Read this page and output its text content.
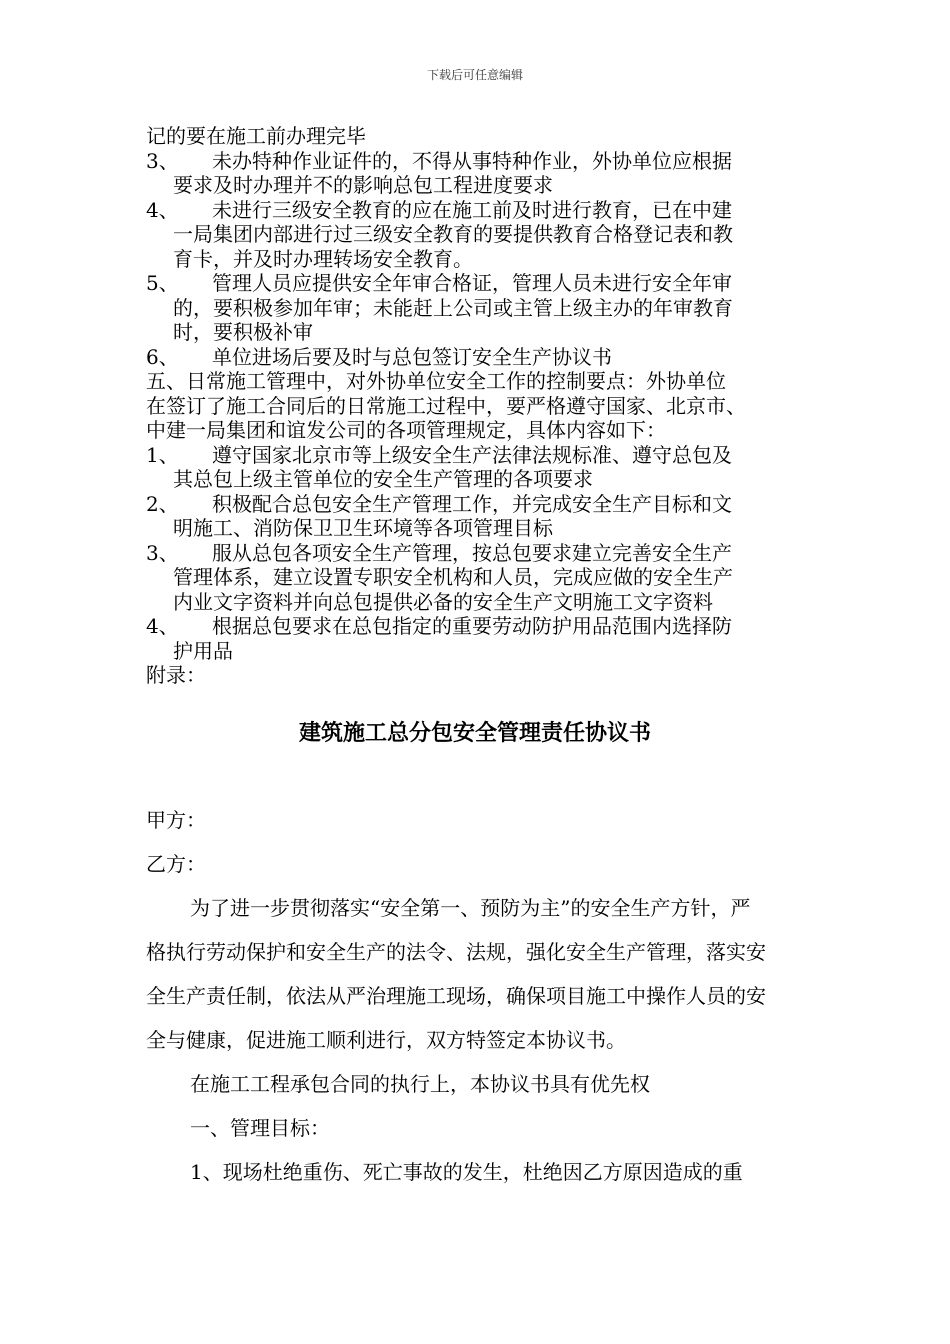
下载后可任意编辑
记的要在施工前办理完毕
3、	未办特种作业证件的，不得从事特种作业，外协单位应根据
要求及时办理并不的影响总包工程进度要求
4、	未进行三级安全教育的应在施工前及时进行教育，已在中建
一局集团内部进行过三级安全教育的要提供教育合格登记表和教
育卡，并及时办理转场安全教育。
5、	管理人员应提供安全年审合格证，管理人员未进行安全年审
的，要积极参加年审；未能赶上公司或主管上级主办的年审教育
时，要积极补审
6、	单位进场后要及时与总包签订安全生产协议书
五、日常施工管理中，对外协单位安全工作的控制要点：外协单位
在签订了施工合同后的日常施工过程中，要严格遵守国家、北京市、
中建一局集团和谊发公司的各项管理规定，具体内容如下：
1、	遵守国家北京市等上级安全生产法律法规标准、遵守总包及
其总包上级主管单位的安全生产管理的各项要求
2、	积极配合总包安全生产管理工作，并完成安全生产目标和文
明施工、消防保卫卫生环境等各项管理目标
3、	服从总包各项安全生产管理，按总包要求建立完善安全生产
管理体系，建立设置专职安全机构和人员，完成应做的安全生产
内业文字资料并向总包提供必备的安全生产文明施工文字资料
4、	根据总包要求在总包指定的重要劳动防护用品范围内选择防
护用品
附录：
建筑施工总分包安全管理责任协议书
甲方：
乙方：
为了进一步贯彻落实“安全第一、预防为主”的安全生产方针，严
格执行劳动保护和安全生产的法令、法规，强化安全生产管理，落实安
全生产责任制，依法从严治理施工现场，确保项目施工中操作人员的安
全与健康，促进施工顺利进行，双方特签定本协议书。
在施工工程承包合同的执行上，本协议书具有优先权
一、管理目标：
1、现场杜绝重伤、死亡事故的发生，杜绝因乙方原因造成的重
